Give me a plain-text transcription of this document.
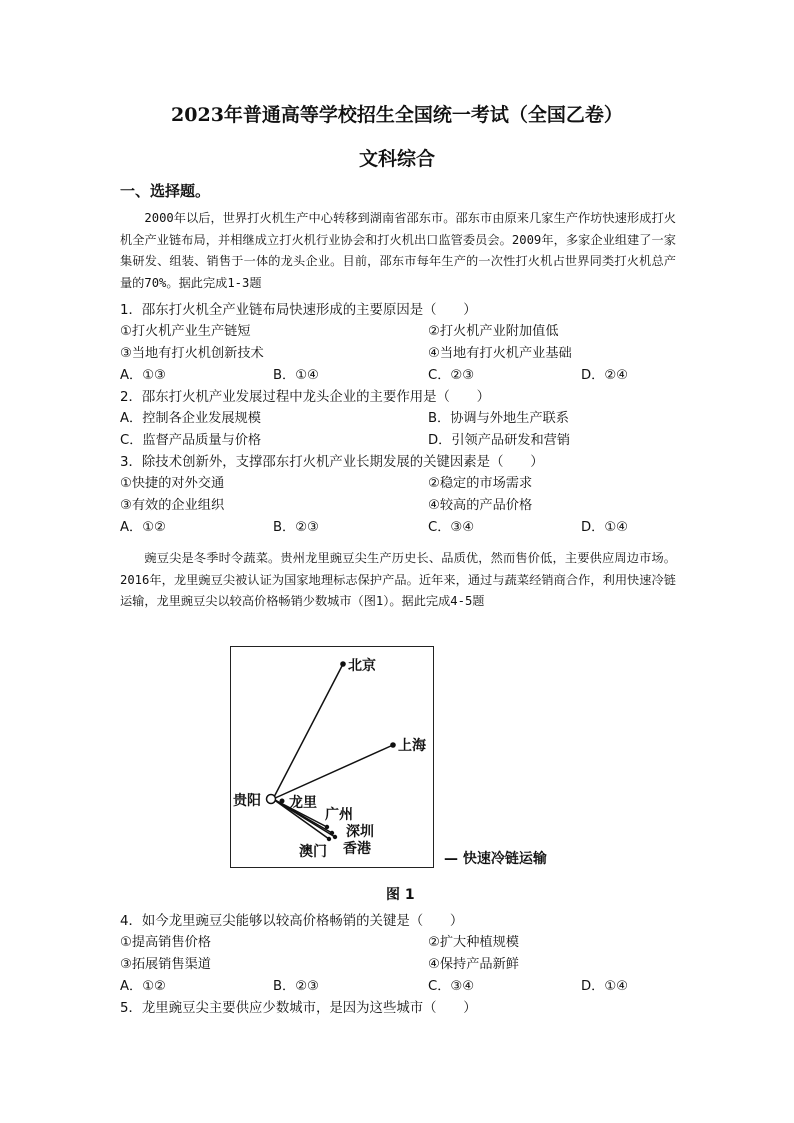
2023年普通高等学校招生全国统一考试（全国乙卷）
文科综合
一、选择题。
2000年以后，世界打火机生产中心转移到湖南省邵东市。邵东市由原来几家生产作坊快速形成打火机全产业链布局，并相继成立打火机行业协会和打火机出口监管委员会。2009年，多家企业组建了一家集研发、组装、销售于一体的龙头企业。目前，邵东市每年生产的一次性打火机占世界同类打火机总产量的70%。据此完成1-3题
1．邵东打火机全产业链布局快速形成的主要原因是（　　）
①打火机产业生产链短	②打火机产业附加值低
③当地有打火机创新技术	④当地有打火机产业基础
A．①③	B．①④	C．②③	D．②④
2．邵东打火机产业发展过程中龙头企业的主要作用是（　　）
A．控制各企业发展规模	B．协调与外地生产联系
C．监督产品质量与价格	D．引领产品研发和营销
3．除技术创新外，支撑邵东打火机产业长期发展的关键因素是（　　）
①快捷的对外交通	②稳定的市场需求
③有效的企业组织	④较高的产品价格
A．①②	B．②③	C．③④	D．①④
豌豆尖是冬季时令蔬菜。贵州龙里豌豆尖生产历史长、品质优，然而售价低，主要供应周边市场。2016年，龙里豌豆尖被认证为国家地理标志保护产品。近年来，通过与蔬菜经销商合作，利用快速冷链运输，龙里豌豆尖以较高价格畅销少数城市（图1）。据此完成4-5题
北京
上海
贵阳 龙里
广州
深圳
澳门 香港
— 快速冷链运输
图 1
4．如今龙里豌豆尖能够以较高价格畅销的关键是（　　）
①提高销售价格	②扩大种植规模
③拓展销售渠道	④保持产品新鲜
A．①②	B．②③	C．③④	D．①④
5．龙里豌豆尖主要供应少数城市，是因为这些城市（　　）
